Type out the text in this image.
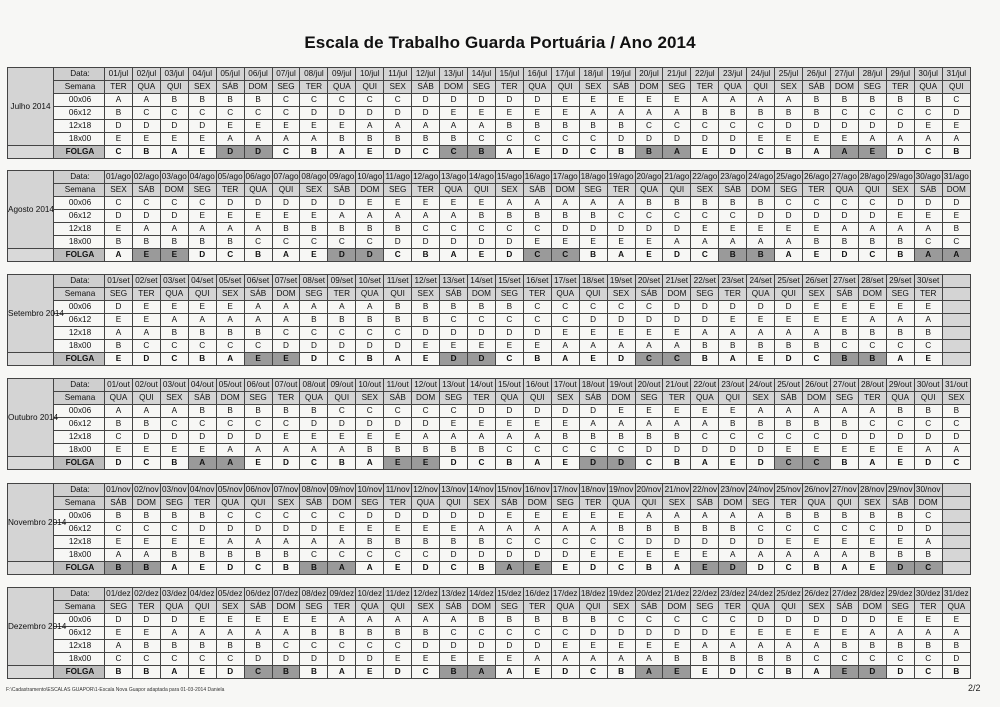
Escala de Trabalho Guarda Portuária / Ano 2014
Julho 2014	Data:	01/jul	02/jul	03/jul	04/jul	05/jul	06/jul	07/jul	08/jul	09/jul	10/jul	11/jul	12/jul	13/jul	14/jul	15/jul	16/jul	17/jul	18/jul	19/jul	20/jul	21/jul	22/jul	23/jul	24/jul	25/jul	26/jul	27/jul	28/jul	29/jul	30/jul	31/jul
	Semana	TER	QUA	QUI	SEX	SÁB	DOM	SEG	TER	QUA	QUI	SEX	SÁB	DOM	SEG	TER	QUA	QUI	SEX	SÁB	DOM	SEG	TER	QUA	QUI	SEX	SÁB	DOM	SEG	TER	QUA	QUI
	00x06	A	A	B	B	B	B	C	C	C	C	C	D	D	D	D	D	E	E	E	E	E	A	A	A	A	B	B	B	B	B	C
	06x12	B	C	C	C	C	C	C	D	D	D	D	D	E	E	E	E	E	A	A	A	A	B	B	B	B	B	C	C	C	C	D
	12x18	D	D	D	D	E	E	E	E	E	A	A	A	A	A	B	B	B	B	B	C	C	C	C	C	D	D	D	D	D	E	E
	18x00	E	E	E	E	A	A	A	A	B	B	B	B	B	C	C	C	C	C	D	D	D	D	D	E	E	E	E	A	A	A	A
	FOLGA	C	B	A	E	D	D	C	B	A	E	D	C	C	B	A	E	D	C	B	B	A	E	D	C	B	A	A	E	D	C	B
Agosto 2014	Data:	01/ago	02/ago	03/ago	04/ago	05/ago	06/ago	07/ago	08/ago	09/ago	10/ago	11/ago	12/ago	13/ago	14/ago	15/ago	16/ago	17/ago	18/ago	19/ago	20/ago	21/ago	22/ago	23/ago	24/ago	25/ago	26/ago	27/ago	28/ago	29/ago	30/ago	31/ago
	Semana	SEX	SÁB	DOM	SEG	TER	QUA	QUI	SEX	SÁB	DOM	SEG	TER	QUA	QUI	SEX	SÁB	DOM	SEG	TER	QUA	QUI	SEX	SÁB	DOM	SEG	TER	QUA	QUI	SEX	SÁB	DOM
	00x06	C	C	C	C	D	D	D	D	D	E	E	E	E	E	A	A	A	A	A	B	B	B	B	B	C	C	C	C	D	D	D
	06x12	D	D	D	E	E	E	E	E	A	A	A	A	A	B	B	B	B	B	C	C	C	C	C	D	D	D	D	D	E	E	E
	12x18	E	A	A	A	A	A	B	B	B	B	B	C	C	C	C	C	D	D	D	D	D	E	E	E	E	E	A	A	A	A	B
	18x00	B	B	B	B	B	C	C	C	C	C	D	D	D	D	D	E	E	E	E	E	A	A	A	A	A	B	B	B	B	C	C
	FOLGA	A	E	E	D	C	B	A	E	D	D	C	B	A	E	D	C	C	B	A	E	D	C	B	B	A	E	D	C	B	A	A
Setembro 2014	Data:	01/set	02/set	03/set	04/set	05/set	06/set	07/set	08/set	09/set	10/set	11/set	12/set	13/set	14/set	15/set	16/set	17/set	18/set	19/set	20/set	21/set	22/set	23/set	24/set	25/set	26/set	27/set	28/set	29/set	30/set	
	Semana	SEG	TER	QUA	QUI	SEX	SÁB	DOM	SEG	TER	QUA	QUI	SEX	SÁB	DOM	SEG	TER	QUA	QUI	SEX	SÁB	DOM	SEG	TER	QUA	QUI	SEX	SÁB	DOM	SEG	TER	
	00x06	D	E	E	E	E	A	A	A	A	A	B	B	B	B	B	C	C	C	C	C	D	D	D	D	D	E	E	E	E	E	
	06x12	E	E	A	A	A	A	A	B	B	B	B	B	C	C	C	C	C	D	D	D	D	D	E	E	E	E	E	A	A	A	
	12x18	A	A	B	B	B	B	C	C	C	C	C	D	D	D	D	D	E	E	E	E	E	A	A	A	A	A	B	B	B	B	
	18x00	B	C	C	C	C	C	D	D	D	D	D	E	E	E	E	E	A	A	A	A	A	B	B	B	B	B	C	C	C	C	
	FOLGA	E	D	C	B	A	E	E	D	C	B	A	E	D	D	C	B	A	E	D	C	C	B	A	E	D	C	B	B	A	E	
Outubro 2014	Data:	01/out	02/out	03/out	04/out	05/out	06/out	07/out	08/out	09/out	10/out	11/out	12/out	13/out	14/out	15/out	16/out	17/out	18/out	19/out	20/out	21/out	22/out	23/out	24/out	25/out	26/out	27/out	28/out	29/out	30/out	31/out
	Semana	QUA	QUI	SEX	SÁB	DOM	SEG	TER	QUA	QUI	SEX	SÁB	DOM	SEG	TER	QUA	QUI	SEX	SÁB	DOM	SEG	TER	QUA	QUI	SEX	SÁB	DOM	SEG	TER	QUA	QUI	SEX
	00x06	A	A	A	B	B	B	B	B	C	C	C	C	C	D	D	D	D	D	E	E	E	E	E	A	A	A	A	A	B	B	B
	06x12	B	B	C	C	C	C	C	D	D	D	D	D	E	E	E	E	E	A	A	A	A	A	B	B	B	B	B	C	C	C	C
	12x18	C	D	D	D	D	D	E	E	E	E	E	A	A	A	A	A	B	B	B	B	B	C	C	C	C	C	D	D	D	D	D
	18x00	E	E	E	E	A	A	A	A	A	B	B	B	B	B	C	C	C	C	C	D	D	D	D	D	E	E	E	E	E	A	A
	FOLGA	D	C	B	A	A	E	D	C	B	A	E	E	D	C	B	A	E	D	D	C	B	A	E	D	C	C	B	A	E	D	C
Novembro 2014	Data:	01/nov	02/nov	03/nov	04/nov	05/nov	06/nov	07/nov	08/nov	09/nov	10/nov	11/nov	12/nov	13/nov	14/nov	15/nov	16/nov	17/nov	18/nov	19/nov	20/nov	21/nov	22/nov	23/nov	24/nov	25/nov	26/nov	27/nov	28/nov	29/nov	30/nov	
	Semana	SÁB	DOM	SEG	TER	QUA	QUI	SEX	SÁB	DOM	SEG	TER	QUA	QUI	SEX	SÁB	DOM	SEG	TER	QUA	QUI	SEX	SÁB	DOM	SEG	TER	QUA	QUI	SEX	SÁB	DOM	
	00x06	B	B	B	B	C	C	C	C	C	D	D	D	D	D	E	E	E	E	E	A	A	A	A	A	B	B	B	B	B	C	
	06x12	C	C	C	D	D	D	D	D	E	E	E	E	E	A	A	A	A	A	B	B	B	B	B	C	C	C	C	C	D	D	
	12x18	E	E	E	E	A	A	A	A	A	B	B	B	B	B	C	C	C	C	C	D	D	D	D	D	E	E	E	E	E	A	
	18x00	A	A	B	B	B	B	B	C	C	C	C	C	D	D	D	D	D	E	E	E	E	E	A	A	A	A	A	B	B	B	
	FOLGA	B	B	A	E	D	C	B	B	A	A	E	D	C	B	A	E	E	D	C	B	A	E	D	D	C	B	A	E	D	C	
Dezembro 2014	Data:	01/dez	02/dez	03/dez	04/dez	05/dez	06/dez	07/dez	08/dez	09/dez	10/dez	11/dez	12/dez	13/dez	14/dez	15/dez	16/dez	17/dez	18/dez	19/dez	20/dez	21/dez	22/dez	23/dez	24/dez	25/dez	26/dez	27/dez	28/dez	29/dez	30/dez	31/dez
	Semana	SEG	TER	QUA	QUI	SEX	SÁB	DOM	SEG	TER	QUA	QUI	SEX	SÁB	DOM	SEG	TER	QUA	QUI	SEX	SÁB	DOM	SEG	TER	QUA	QUI	SEX	SÁB	DOM	SEG	TER	QUA
	00x06	D	D	D	E	E	E	E	E	A	A	A	A	A	B	B	B	B	B	C	C	C	C	C	D	D	D	D	D	E	E	E
	06x12	E	E	A	A	A	A	A	B	B	B	B	B	C	C	C	C	C	D	D	D	D	D	E	E	E	E	E	A	A	A	A
	12x18	A	B	B	B	B	B	C	C	C	C	C	D	D	D	D	D	E	E	E	E	E	A	A	A	A	A	B	B	B	B	B
	18x00	C	C	C	C	C	D	D	D	D	D	E	E	E	E	E	A	A	A	A	A	B	B	B	B	B	C	C	C	C	C	D
	FOLGA	B	B	A	E	D	C	B	B	A	E	D	C	B	A	A	E	D	C	B	A	E	E	D	C	B	A	E	D	D	C	B
F:\Cadastramento\ESCALAS GUAPOR\1-Escala Nova Guapor adaptada para 01-03-2014 Daniela	2/2
